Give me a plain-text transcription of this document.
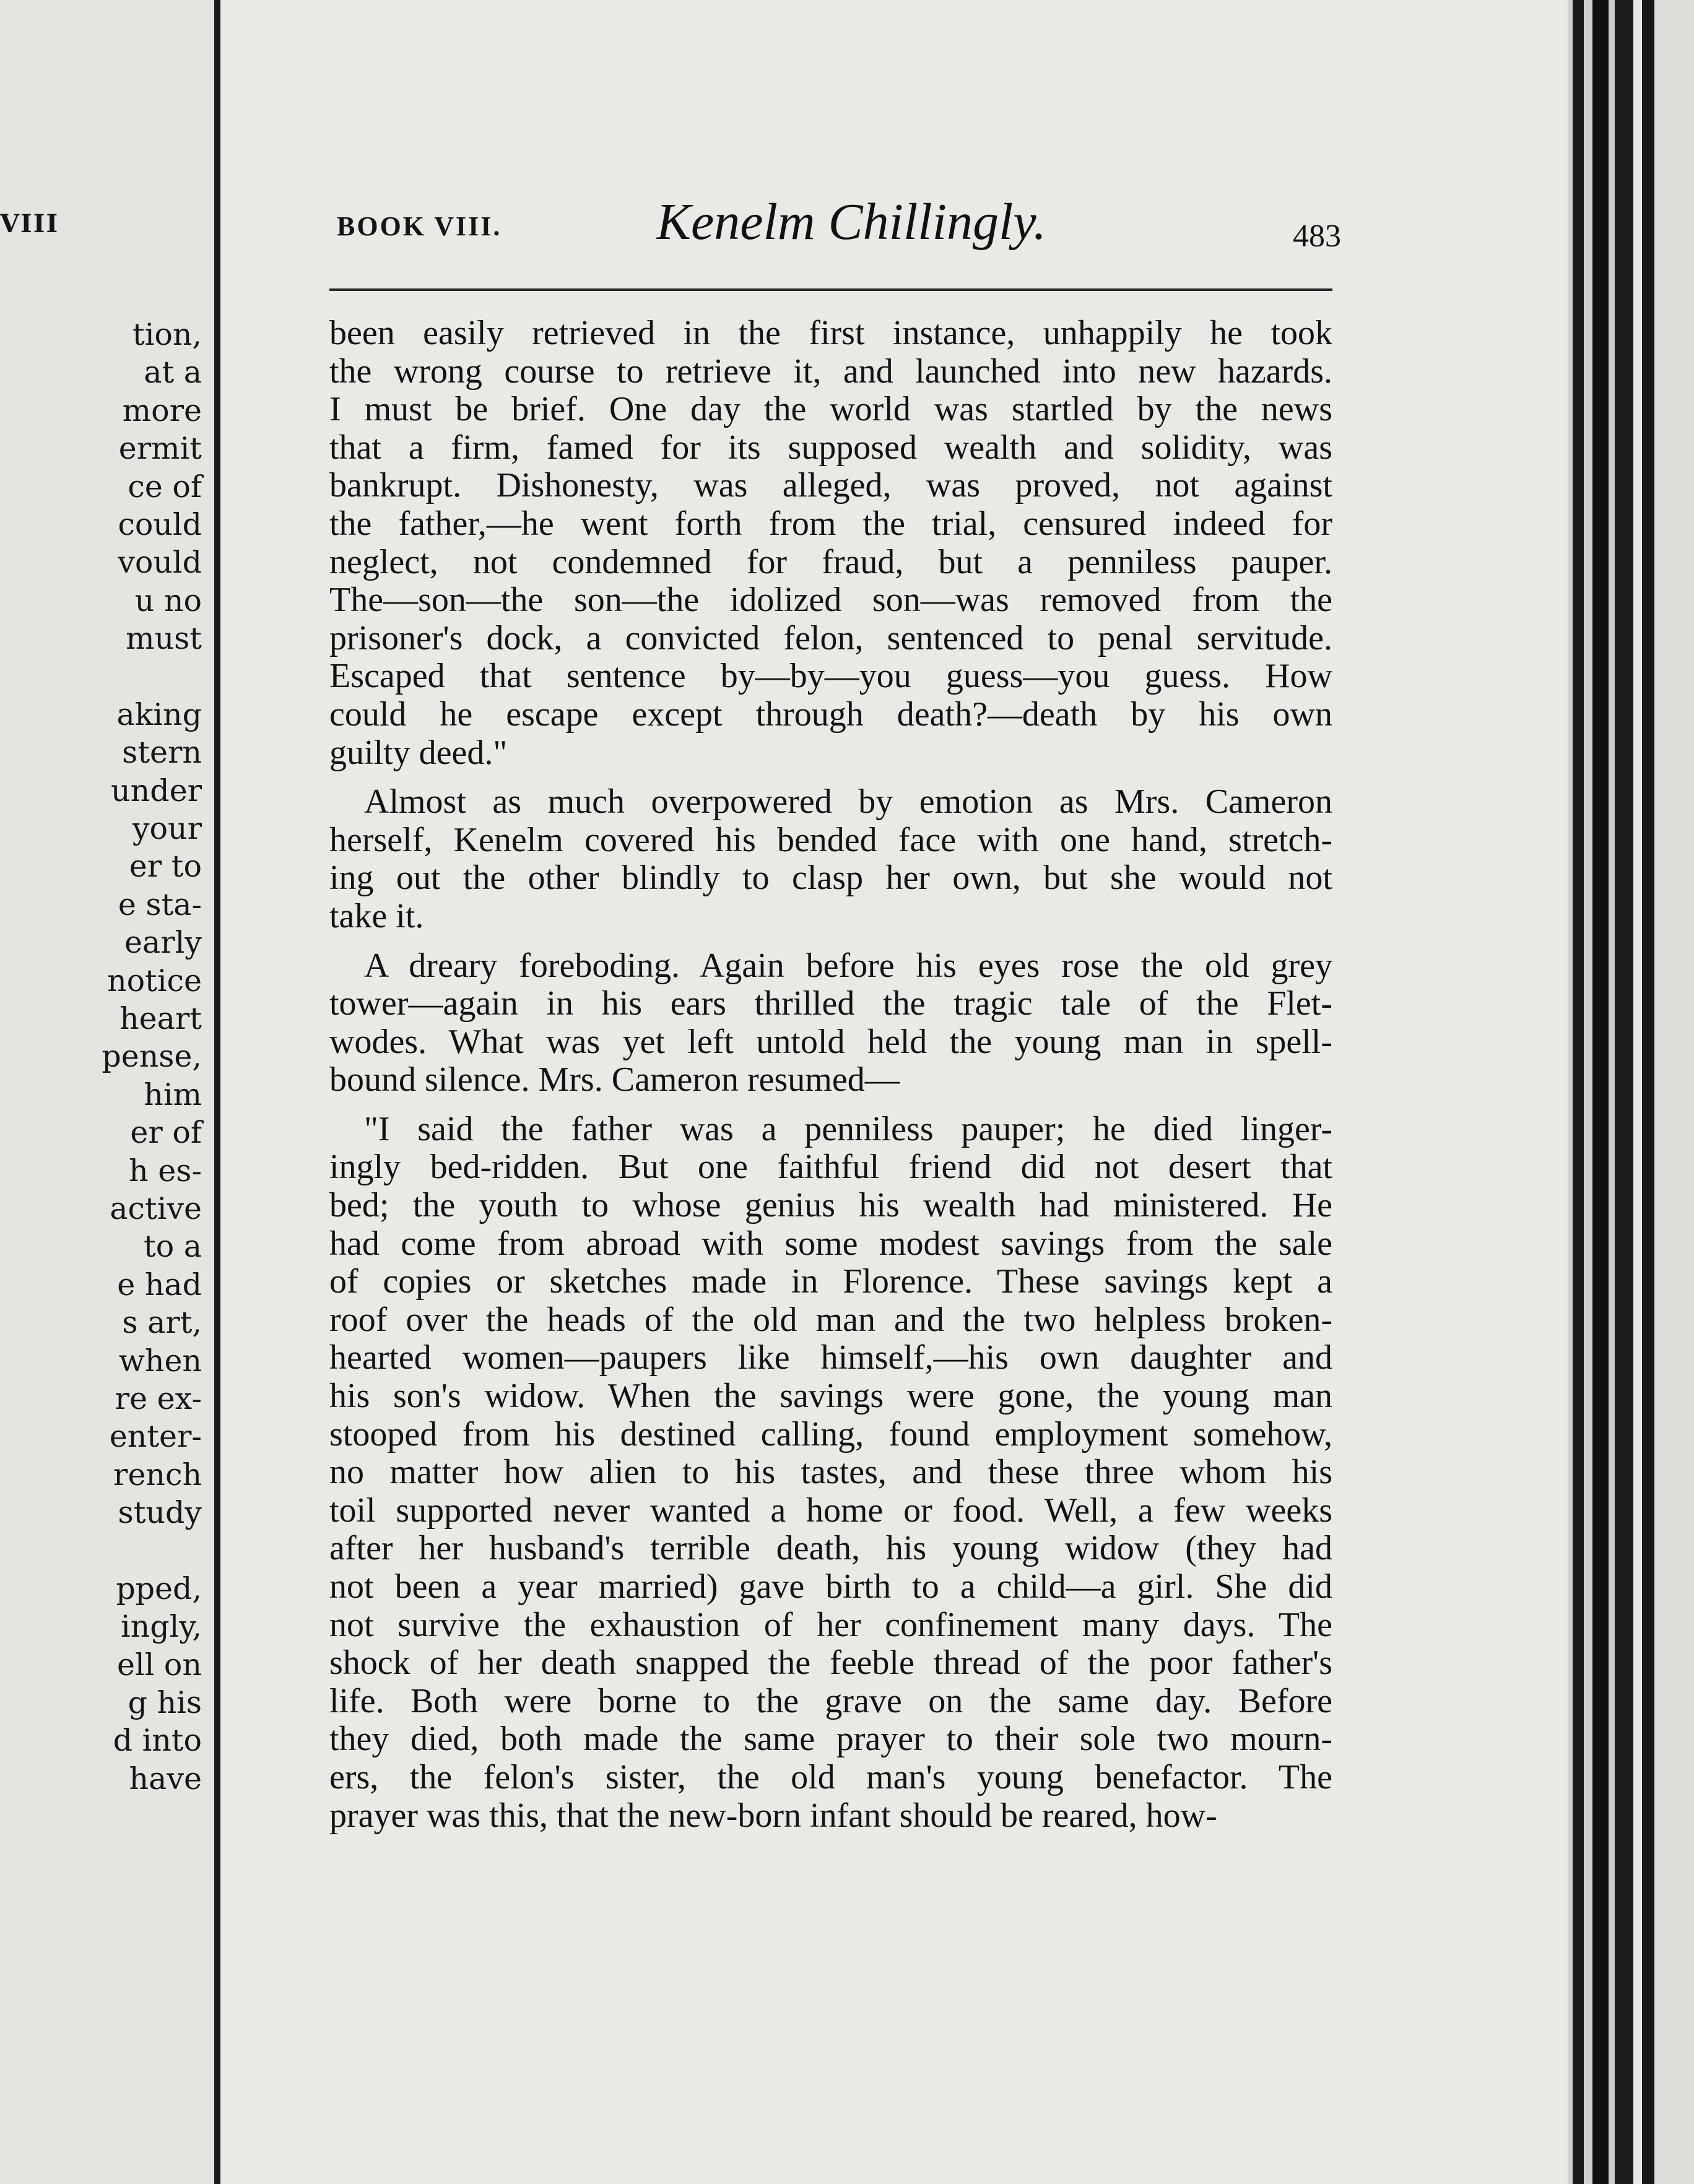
VIII
tion,
at a
more
ermit
ce of
could
vould
u no
must
aking
stern
under
your
er to
e sta-
early
notice
heart
pense,
him
er of
h es-
active
to a
e had
s art,
when
re ex-
enter-
rench
study
pped,
ingly,
ell on
g his
d into
have
BOOK VIII.	Kenelm Chillingly.	483
been easily retrieved in the first instance, unhappily he took
the wrong course to retrieve it, and launched into new hazards.
I must be brief. One day the world was startled by the news
that a firm, famed for its supposed wealth and solidity, was
bankrupt. Dishonesty, was alleged, was proved, not against
the father,—he went forth from the trial, censured indeed for
neglect, not condemned for fraud, but a penniless pauper.
The—son—the son—the idolized son—was removed from the
prisoner's dock, a convicted felon, sentenced to penal servitude.
Escaped that sentence by—by—you guess—you guess. How
could he escape except through death?—death by his own
guilty deed."
Almost as much overpowered by emotion as Mrs. Cameron
herself, Kenelm covered his bended face with one hand, stretch-
ing out the other blindly to clasp her own, but she would not
take it.
A dreary foreboding. Again before his eyes rose the old grey
tower—again in his ears thrilled the tragic tale of the Flet-
wodes. What was yet left untold held the young man in spell-
bound silence. Mrs. Cameron resumed—
"I said the father was a penniless pauper; he died linger-
ingly bed-ridden. But one faithful friend did not desert that
bed; the youth to whose genius his wealth had ministered. He
had come from abroad with some modest savings from the sale
of copies or sketches made in Florence. These savings kept a
roof over the heads of the old man and the two helpless broken-
hearted women—paupers like himself,—his own daughter and
his son's widow. When the savings were gone, the young man
stooped from his destined calling, found employment somehow,
no matter how alien to his tastes, and these three whom his
toil supported never wanted a home or food. Well, a few weeks
after her husband's terrible death, his young widow (they had
not been a year married) gave birth to a child—a girl. She did
not survive the exhaustion of her confinement many days. The
shock of her death snapped the feeble thread of the poor father's
life. Both were borne to the grave on the same day. Before
they died, both made the same prayer to their sole two mourn-
ers, the felon's sister, the old man's young benefactor. The
prayer was this, that the new-born infant should be reared, how-
